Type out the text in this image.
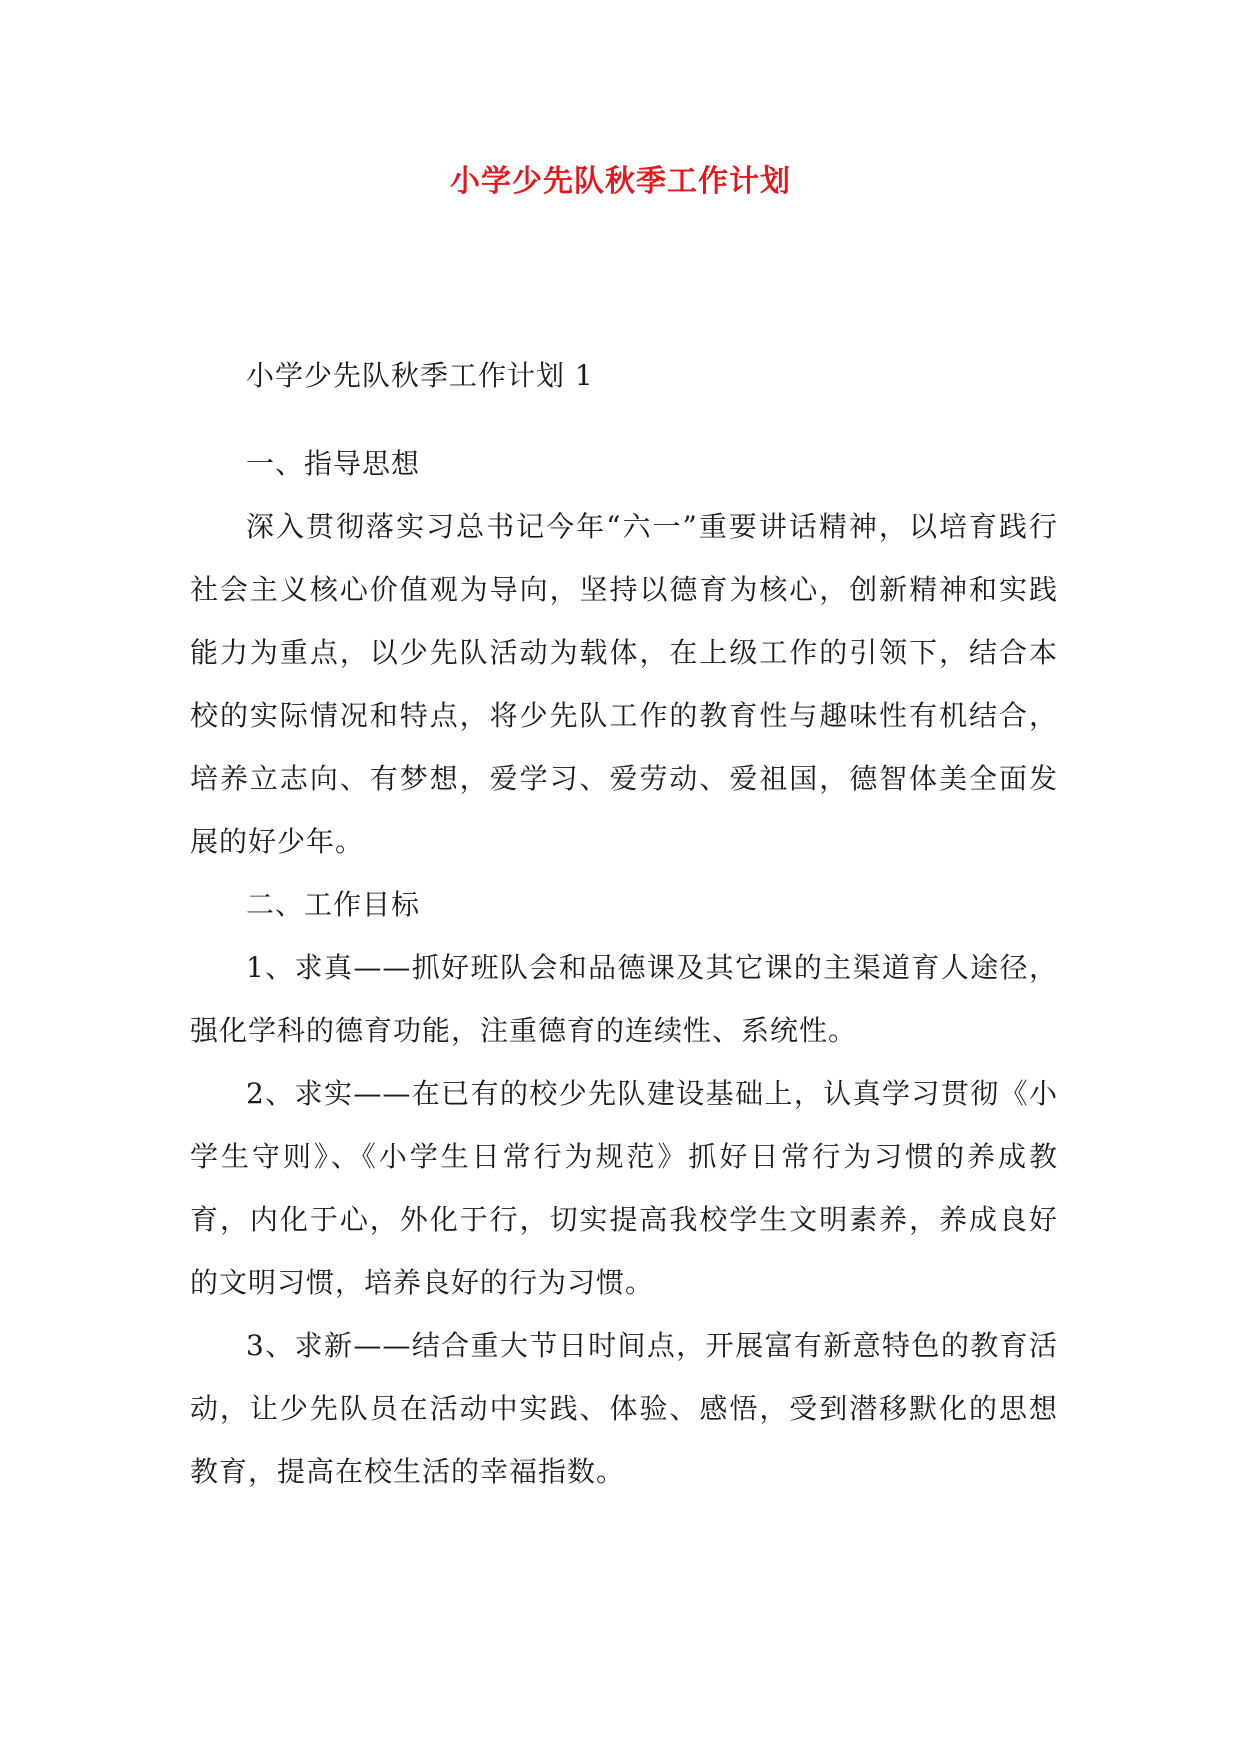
小学少先队秋季工作计划
小学少先队秋季工作计划 1

一、指导思想

深入贯彻落实习总书记今年“六一”重要讲话精神，以培育践行社会主义核心价值观为导向，坚持以德育为核心，创新精神和实践能力为重点，以少先队活动为载体，在上级工作的引领下，结合本校的实际情况和特点，将少先队工作的教育性与趣味性有机结合，培养立志向、有梦想，爱学习、爱劳动、爱祖国，德智体美全面发展的好少年。

二、工作目标

1、求真——抓好班队会和品德课及其它课的主渠道育人途径，强化学科的德育功能，注重德育的连续性、系统性。

2、求实——在已有的校少先队建设基础上，认真学习贯彻《小学生守则》、《小学生日常行为规范》抓好日常行为习惯的养成教育，内化于心，外化于行，切实提高我校学生文明素养，养成良好的文明习惯，培养良好的行为习惯。

3、求新——结合重大节日时间点，开展富有新意特色的教育活动，让少先队员在活动中实践、体验、感悟，受到潜移默化的思想教育，提高在校生活的幸福指数。
